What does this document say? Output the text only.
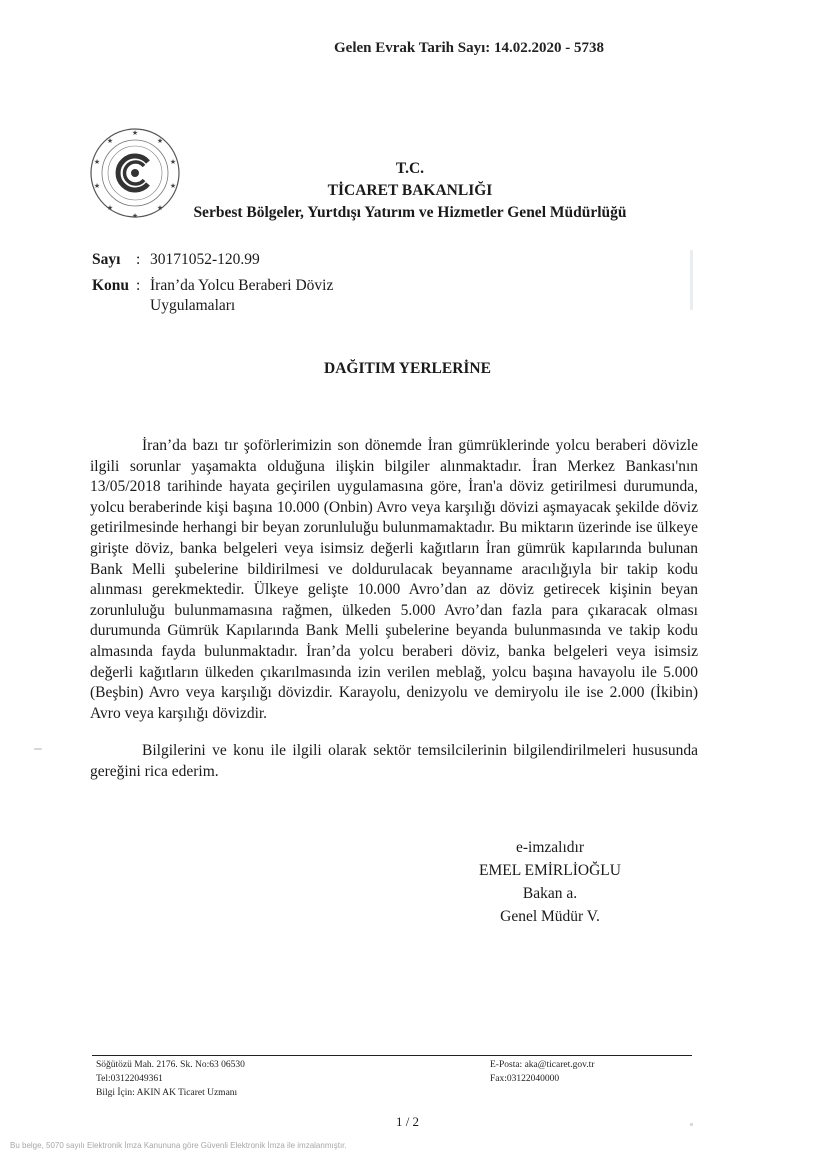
Gelen Evrak Tarih Sayı: 14.02.2020 - 5738
★
★
★
★
★
★
★
★
★
★
T.C.
TİCARET BAKANLIĞI
Serbest Bölgeler, Yurtdışı Yatırım ve Hizmetler Genel Müdürlüğü
Sayı : 30171052-120.99
Konu : İran’da Yolcu Beraberi Döviz
Uygulamaları
DAĞITIM YERLERİNE
İran’da bazı tır şoförlerimizin son dönemde İran gümrüklerinde yolcu beraberi dövizle ilgili sorunlar yaşamakta olduğuna ilişkin bilgiler alınmaktadır. İran Merkez Bankası'nın 13/05/2018 tarihinde hayata geçirilen uygulamasına göre, İran'a döviz getirilmesi durumunda, yolcu beraberinde kişi başına 10.000 (Onbin) Avro veya karşılığı dövizi aşmayacak şekilde döviz getirilmesinde herhangi bir beyan zorunluluğu bulunmamaktadır. Bu miktarın üzerinde ise ülkeye girişte döviz, banka belgeleri veya isimsiz değerli kağıtların İran gümrük kapılarında bulunan Bank Melli şubelerine bildirilmesi ve doldurulacak beyanname aracılığıyla bir takip kodu alınması gerekmektedir. Ülkeye gelişte 10.000 Avro’dan az döviz getirecek kişinin beyan zorunluluğu bulunmamasına rağmen, ülkeden 5.000 Avro’dan fazla para çıkaracak olması durumunda Gümrük Kapılarında Bank Melli şubelerine beyanda bulunmasında ve takip kodu almasında fayda bulunmaktadır. İran’da yolcu beraberi döviz, banka belgeleri veya isimsiz değerli kağıtların ülkeden çıkarılmasında izin verilen meblağ, yolcu başına havayolu ile 5.000 (Beşbin) Avro veya karşılığı dövizdir. Karayolu, denizyolu ve demiryolu ile ise 2.000 (İkibin) Avro veya karşılığı dövizdir.
Bilgilerini ve konu ile ilgili olarak sektör temsilcilerinin bilgilendirilmeleri hususunda gereğini rica ederim.
e-imzalıdır
EMEL EMİRLİOĞLU
Bakan a.
Genel Müdür V.
Söğütözü Mah. 2176. Sk. No:63 06530
Tel:03122049361
Bilgi İçin: AKIN AK Ticaret Uzmanı
E-Posta: aka@ticaret.gov.tr
Fax:03122040000
1 / 2
Bu belge, 5070 sayılı Elektronik İmza Kanununa göre Güvenli Elektronik İmza ile imzalanmıştır.
